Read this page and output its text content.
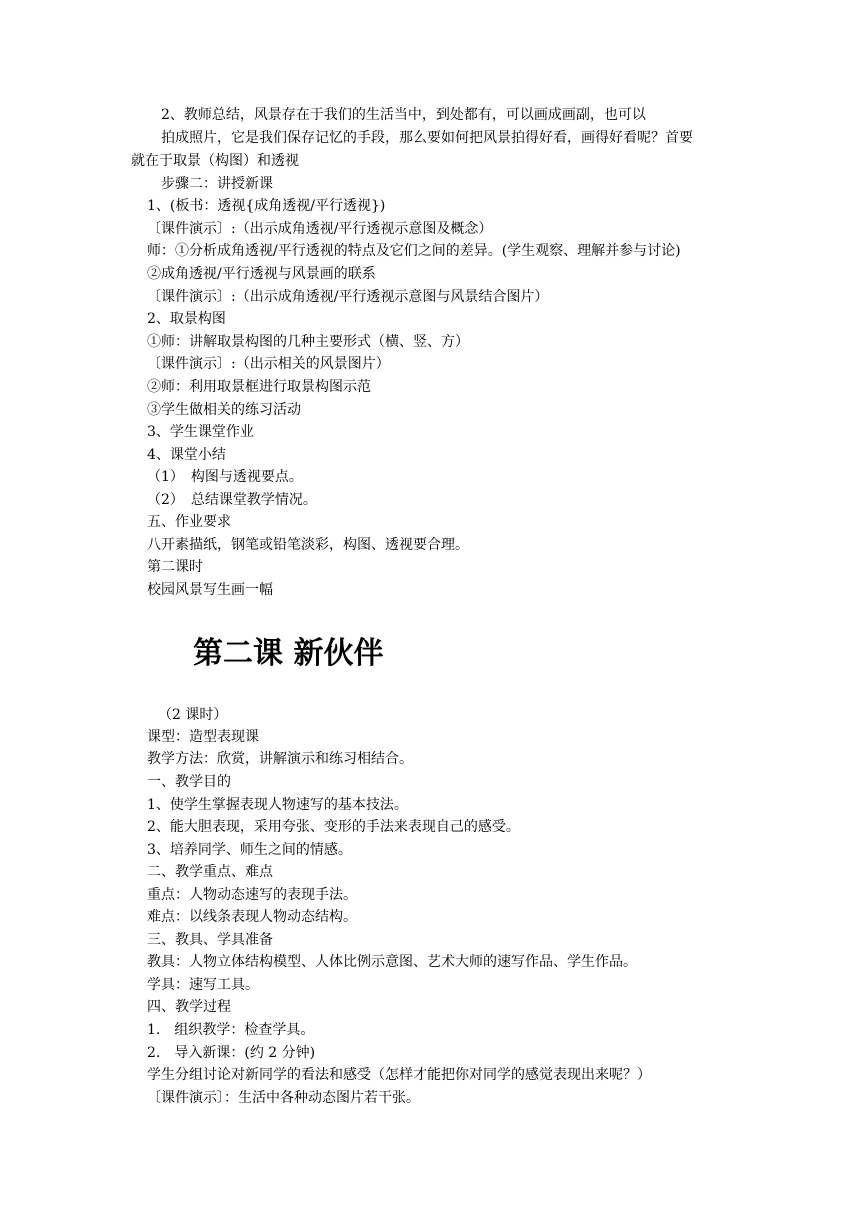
2、教师总结，风景存在于我们的生活当中，到处都有，可以画成画副，也可以
拍成照片，它是我们保存记忆的手段，那么要如何把风景拍得好看，画得好看呢？首要
就在于取景（构图）和透视
步骤二：讲授新课
1、(板书：透视{成角透视/平行透视})
〔课件演示〕:（出示成角透视/平行透视示意图及概念）
师：①分析成角透视/平行透视的特点及它们之间的差异。(学生观察、理解并参与讨论)
②成角透视/平行透视与风景画的联系
〔课件演示〕:（出示成角透视/平行透视示意图与风景结合图片）
2、取景构图
①师：讲解取景构图的几种主要形式（横、竖、方）
〔课件演示〕:（出示相关的风景图片）
②师：利用取景框进行取景构图示范
③学生做相关的练习活动
3、学生课堂作业
4、课堂小结
（1）　构图与透视要点。
（2）　总结课堂教学情况。
五、作业要求
八开素描纸，钢笔或铅笔淡彩，构图、透视要合理。
第二课时
校园风景写生画一幅
第二课 新伙伴
（2 课时）
课型：造型表现课
教学方法：欣赏，讲解演示和练习相结合。
一、教学目的
1、使学生掌握表现人物速写的基本技法。
2、能大胆表现，采用夸张、变形的手法来表现自己的感受。
3、培养同学、师生之间的情感。
二、教学重点、难点
重点：人物动态速写的表现手法。
难点：以线条表现人物动态结构。
三、教具、学具准备
教具：人物立体结构模型、人体比例示意图、艺术大师的速写作品、学生作品。
学具：速写工具。
四、教学过程
1.　组织教学：检查学具。
2.　导入新课：(约 2 分钟)
学生分组讨论对新同学的看法和感受（怎样才能把你对同学的感觉表现出来呢？）
〔课件演示〕：生活中各种动态图片若干张。
